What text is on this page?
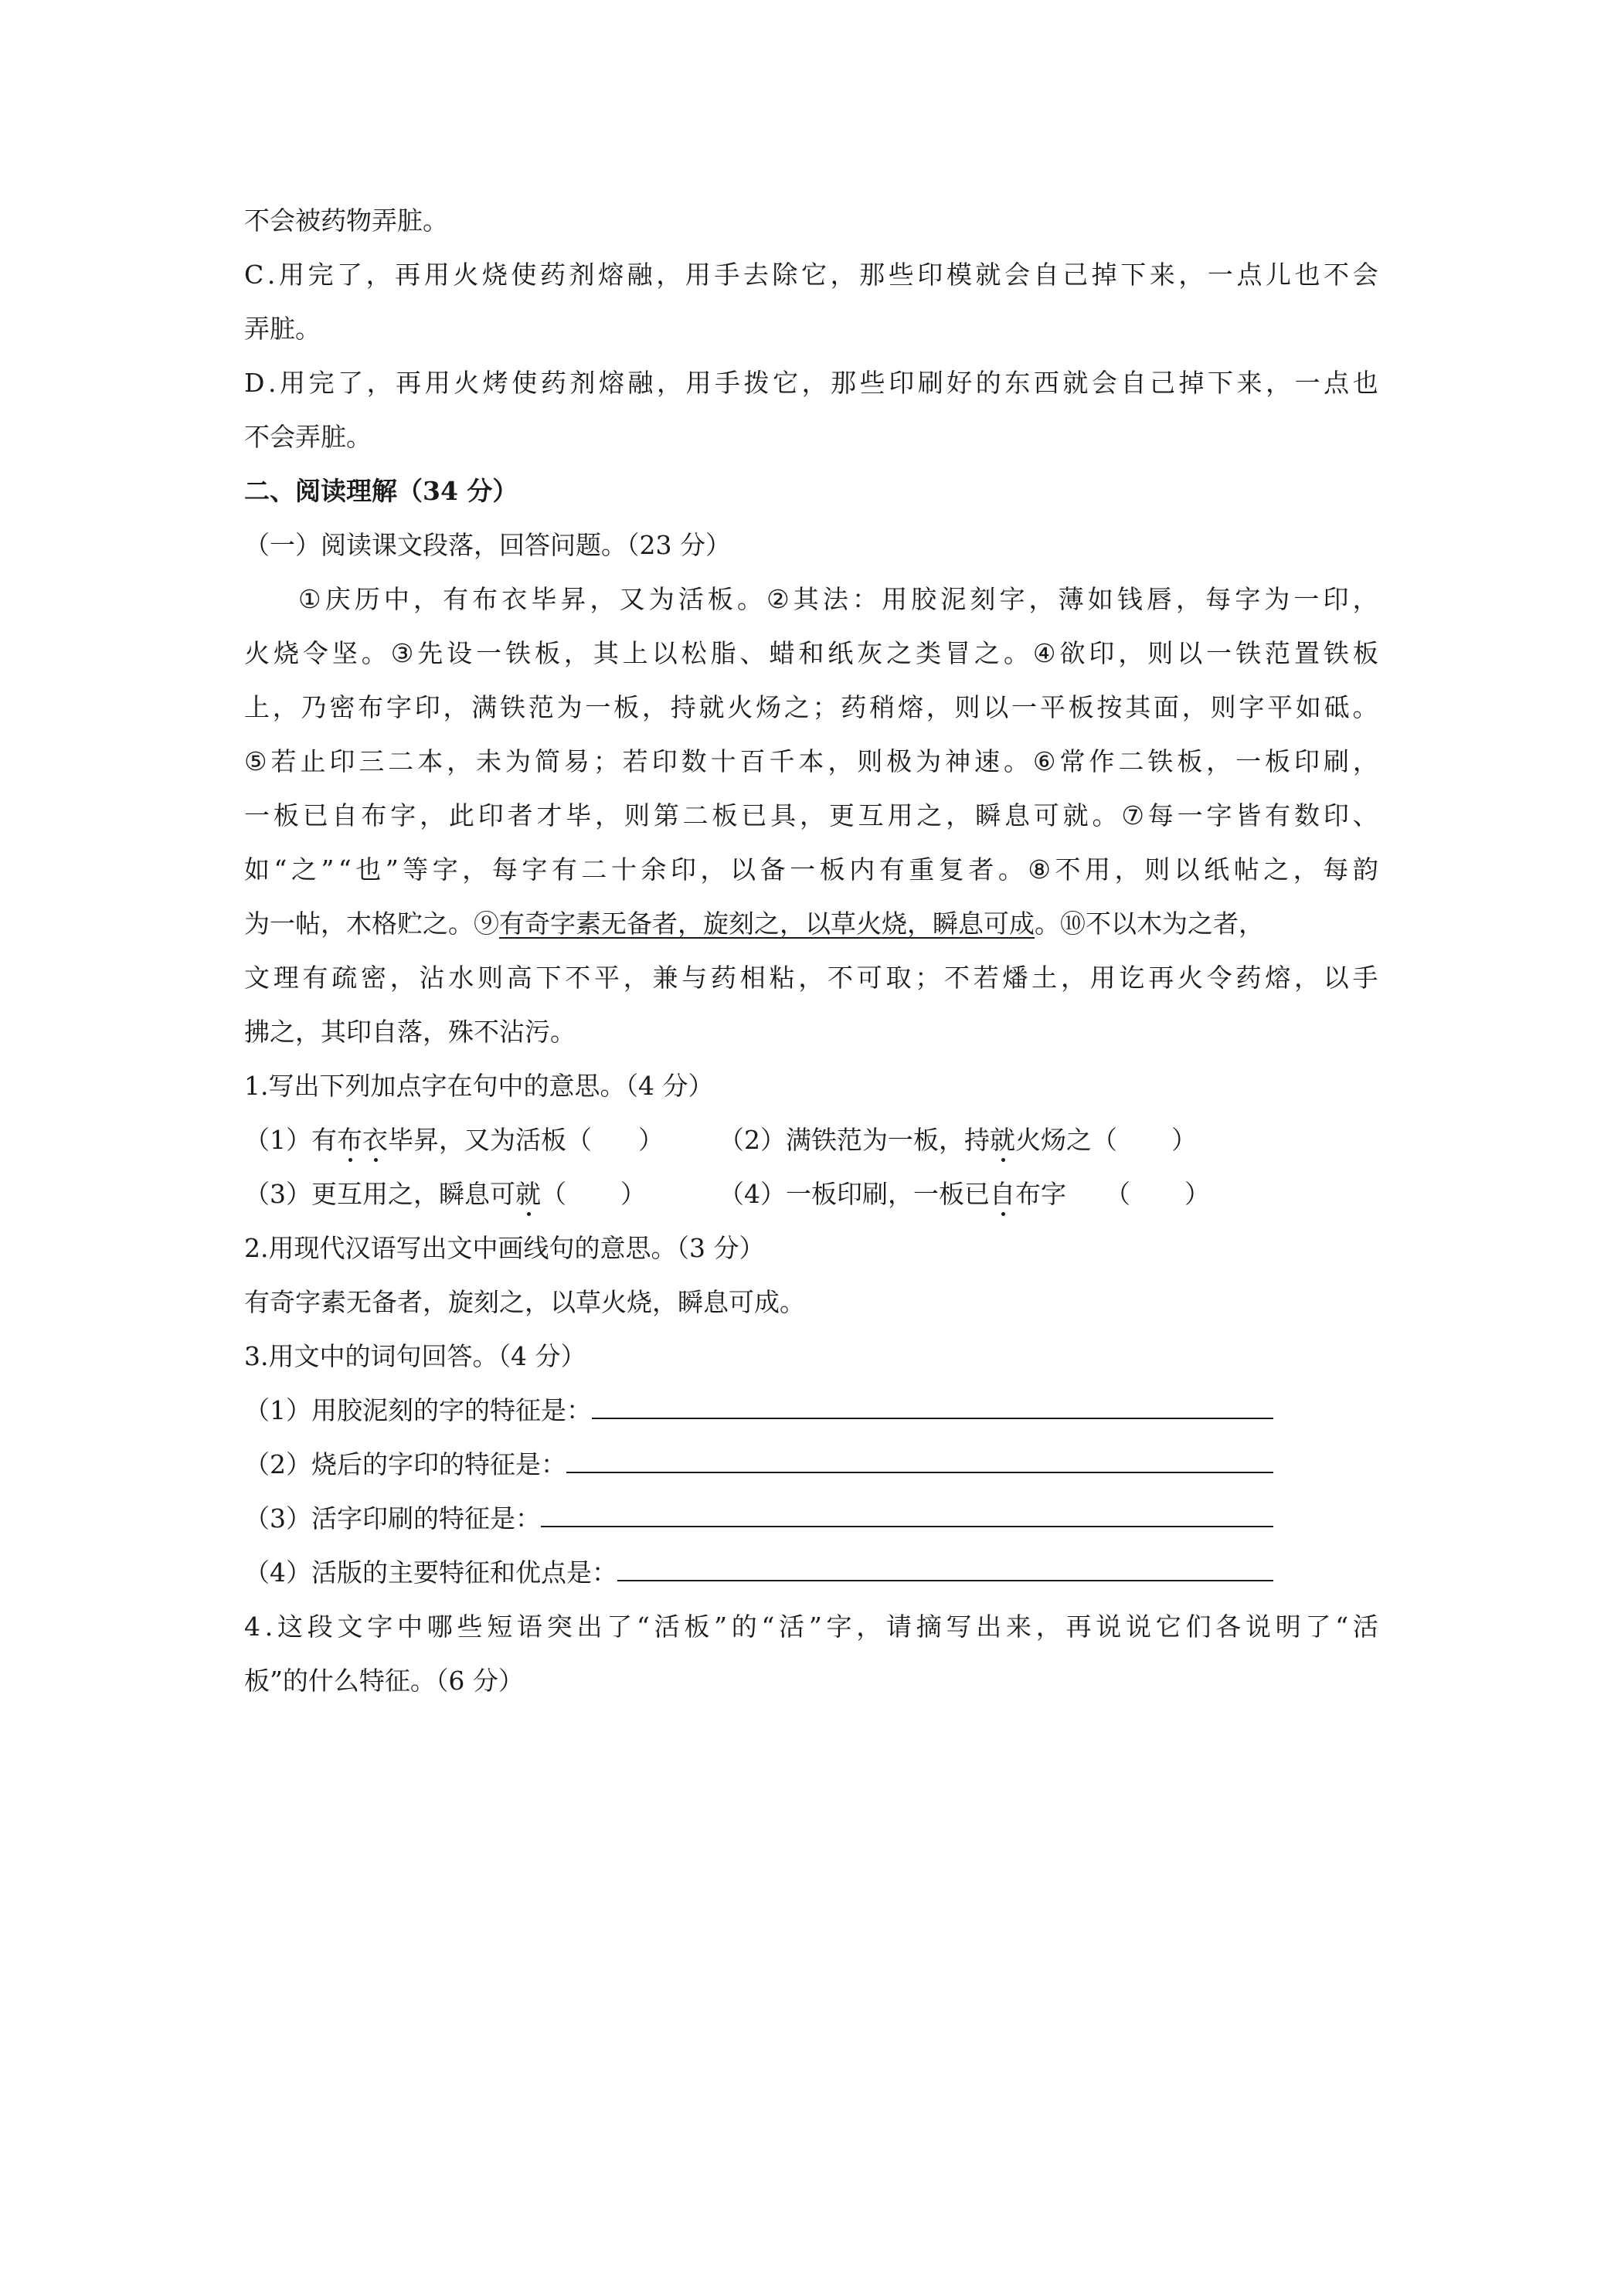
不会被药物弄脏。
C . 用 完 了 ， 再 用 火 烧 使 药 剂 熔 融 ， 用 手 去 除 它 ， 那 些 印 模 就 会 自 己 掉 下 来 ， 一 点 儿 也 不 会
弄脏。
D . 用 完 了 ， 再 用 火 烤 使 药 剂 熔 融 ， 用 手 拨 它 ， 那 些 印 刷 好 的 东 西 就 会 自 己 掉 下 来 ， 一 点 也
不会弄脏。
二、阅读理解（34 分）
（一）阅读课文段落，回答问题。（23 分）
① 庆 历 中 ， 有 布 衣 毕 昇 ， 又 为 活 板 。 ② 其 法 ： 用 胶 泥 刻 字 ， 薄 如 钱 唇 ， 每 字 为 一 印 ，
火 烧 令 坚 。 ③ 先 设 一 铁 板 ， 其 上 以 松 脂 、 蜡 和 纸 灰 之 类 冒 之 。 ④ 欲 印 ， 则 以 一 铁 范 置 铁 板
上 ， 乃 密 布 字 印 ， 满 铁 范 为 一 板 ， 持 就 火 炀 之 ； 药 稍 熔 ， 则 以 一 平 板 按 其 面 ， 则 字 平 如 砥 。
⑤ 若 止 印 三 二 本 ， 未 为 简 易 ； 若 印 数 十 百 千 本 ， 则 极 为 神 速 。 ⑥ 常 作 二 铁 板 ， 一 板 印 刷 ，
一 板 已 自 布 字 ， 此 印 者 才 毕 ， 则 第 二 板 已 具 ， 更 互 用 之 ， 瞬 息 可 就 。 ⑦ 每 一 字 皆 有 数 印 、
如 “ 之 ” “ 也 ” 等 字 ， 每 字 有 二 十 余 印 ， 以 备 一 板 内 有 重 复 者 。 ⑧ 不 用 ， 则 以 纸 帖 之 ， 每 韵
为一帖，木格贮之。⑨有奇字素无备者，旋刻之，以草火烧，瞬息可成。⑩不以木为之者，
文 理 有 疏 密 ， 沾 水 则 高 下 不 平 ， 兼 与 药 相 粘 ， 不 可 取 ； 不 若 燔 土 ， 用 讫 再 火 令 药 熔 ， 以 手
拂之，其印自落，殊不沾污。
1.写出下列加点字在句中的意思。（4 分）
（1）有布衣毕昇，又为活板（ ） （2）满铁范为一板，持就火炀之（ ）
（3）更互用之，瞬息可就（ ）	（4）一板印刷，一板已自布字 （ ）
2.用现代汉语写出文中画线句的意思。（3 分）
有奇字素无备者，旋刻之，以草火烧，瞬息可成。
3.用文中的词句回答。（4 分）
（1）用胶泥刻的字的特征是：
（2）烧后的字印的特征是：
（3）活字印刷的特征是：
（4）活版的主要特征和优点是：
4 . 这 段 文 字 中 哪 些 短 语 突 出 了 “ 活 板 ” 的 “ 活 ” 字 ， 请 摘 写 出 来 ， 再 说 说 它 们 各 说 明 了 “ 活
板”的什么特征。（6 分）
